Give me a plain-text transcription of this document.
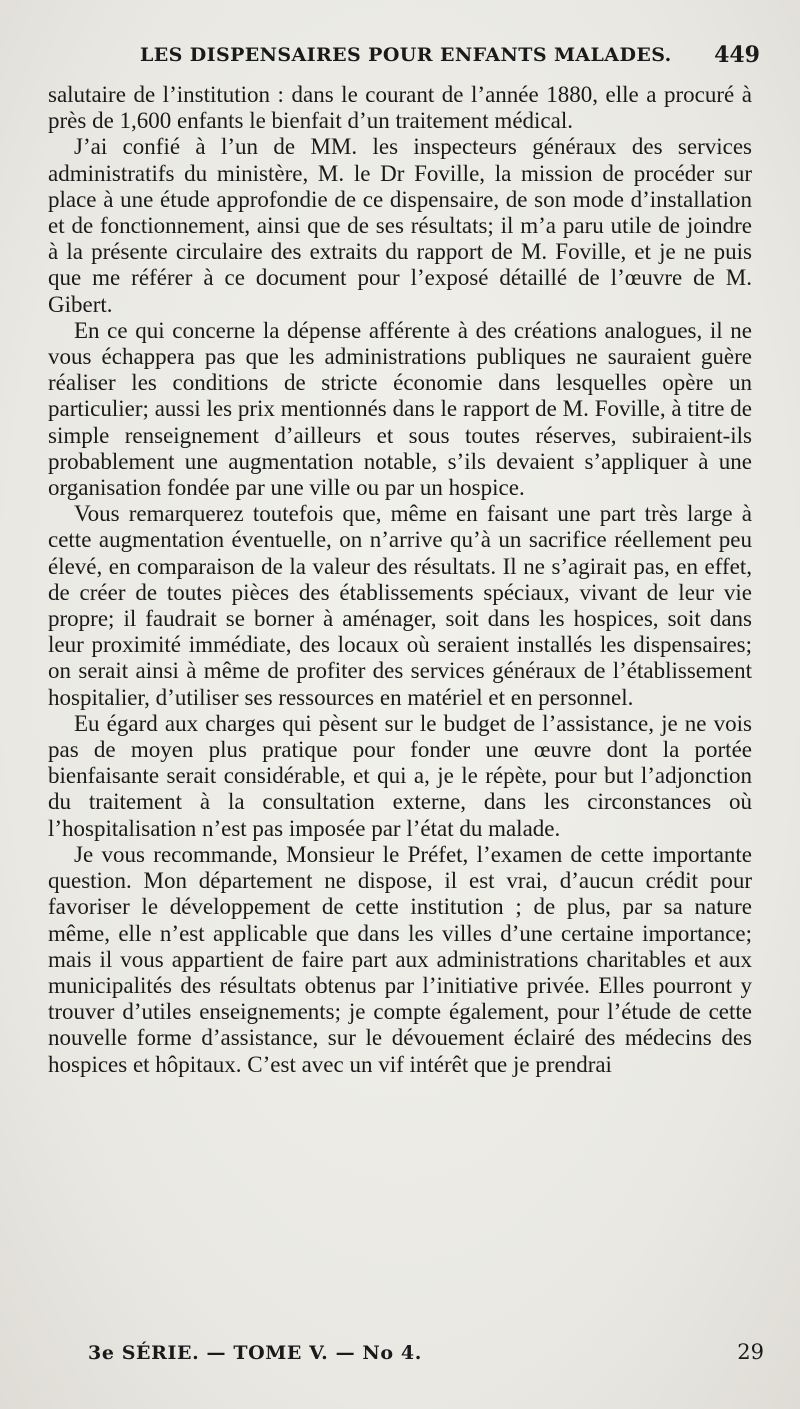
LES DISPENSAIRES POUR ENFANTS MALADES. 449

salutaire de l’institution : dans le courant de l’année 1880, elle a procuré à près de 1,600 enfants le bienfait d’un traitement médical.

J’ai confié à l’un de MM. les inspecteurs généraux des services administratifs du ministère, M. le Dr Foville, la mission de procéder sur place à une étude approfondie de ce dispensaire, de son mode d’installation et de fonctionnement, ainsi que de ses résultats; il m’a paru utile de joindre à la présente circulaire des extraits du rapport de M. Foville, et je ne puis que me référer à ce document pour l’exposé détaillé de l’œuvre de M. Gibert.

En ce qui concerne la dépense afférente à des créations analogues, il ne vous échappera pas que les administrations publiques ne sauraient guère réaliser les conditions de stricte économie dans lesquelles opère un particulier; aussi les prix mentionnés dans le rapport de M. Foville, à titre de simple renseignement d’ailleurs et sous toutes réserves, subiraient-ils probablement une augmentation notable, s’ils devaient s’appliquer à une organisation fondée par une ville ou par un hospice.

Vous remarquerez toutefois que, même en faisant une part très large à cette augmentation éventuelle, on n’arrive qu’à un sacrifice réellement peu élevé, en comparaison de la valeur des résultats. Il ne s’agirait pas, en effet, de créer de toutes pièces des établissements spéciaux, vivant de leur vie propre; il faudrait se borner à aménager, soit dans les hospices, soit dans leur proximité immédiate, des locaux où seraient installés les dispensaires; on serait ainsi à même de profiter des services généraux de l’établissement hospitalier, d’utiliser ses ressources en matériel et en personnel.

Eu égard aux charges qui pèsent sur le budget de l’assistance, je ne vois pas de moyen plus pratique pour fonder une œuvre dont la portée bienfaisante serait considérable, et qui a, je le répète, pour but l’adjonction du traitement à la consultation externe, dans les circonstances où l’hospitalisation n’est pas imposée par l’état du malade.

Je vous recommande, Monsieur le Préfet, l’examen de cette importante question. Mon département ne dispose, il est vrai, d’aucun crédit pour favoriser le développement de cette institution ; de plus, par sa nature même, elle n’est applicable que dans les villes d’une certaine importance; mais il vous appartient de faire part aux administrations charitables et aux municipalités des résultats obtenus par l’initiative privée. Elles pourront y trouver d’utiles enseignements; je compte également, pour l’étude de cette nouvelle forme d’assistance, sur le dévouement éclairé des médecins des hospices et hôpitaux. C’est avec un vif intérêt que je prendrai

3e SÉRIE. — TOME V. — No 4.	29
